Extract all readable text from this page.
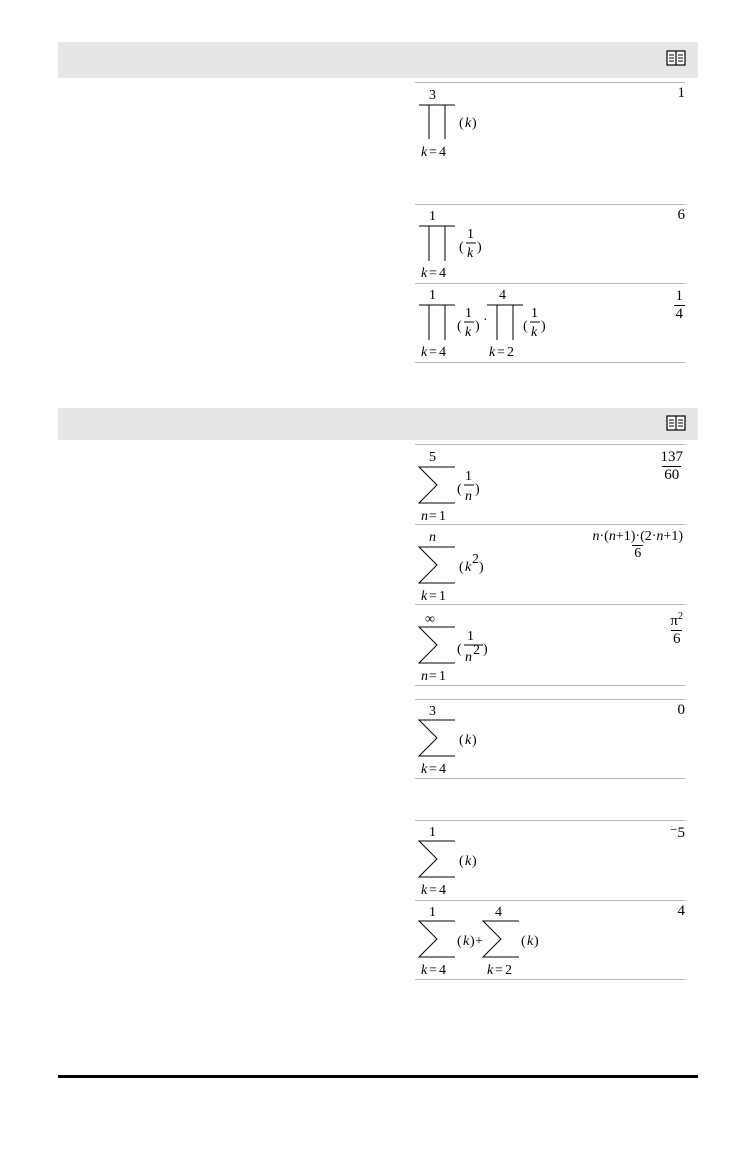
3
( k )
k = 4
1
1
(
1
k )
k = 4
6
1
(
1
k ) ·
4
(
1
k )
k = 4	k = 2
$\frac{1}{4}$
5
(
1
n )
n = 1
$\frac{137}{60}$
n
( k
2
)
k = 1
$\frac{n\cdot(n+1)\cdot(2\cdot n+1)}{6}$
∞
(
1
n 2 )
n = 1
$\frac{\pi^2}{6}$
3
( k )
k = 4
0
1
( k )
k = 4
⁻5
1
( k ) +
4
( k )
k = 4	k = 2
4
